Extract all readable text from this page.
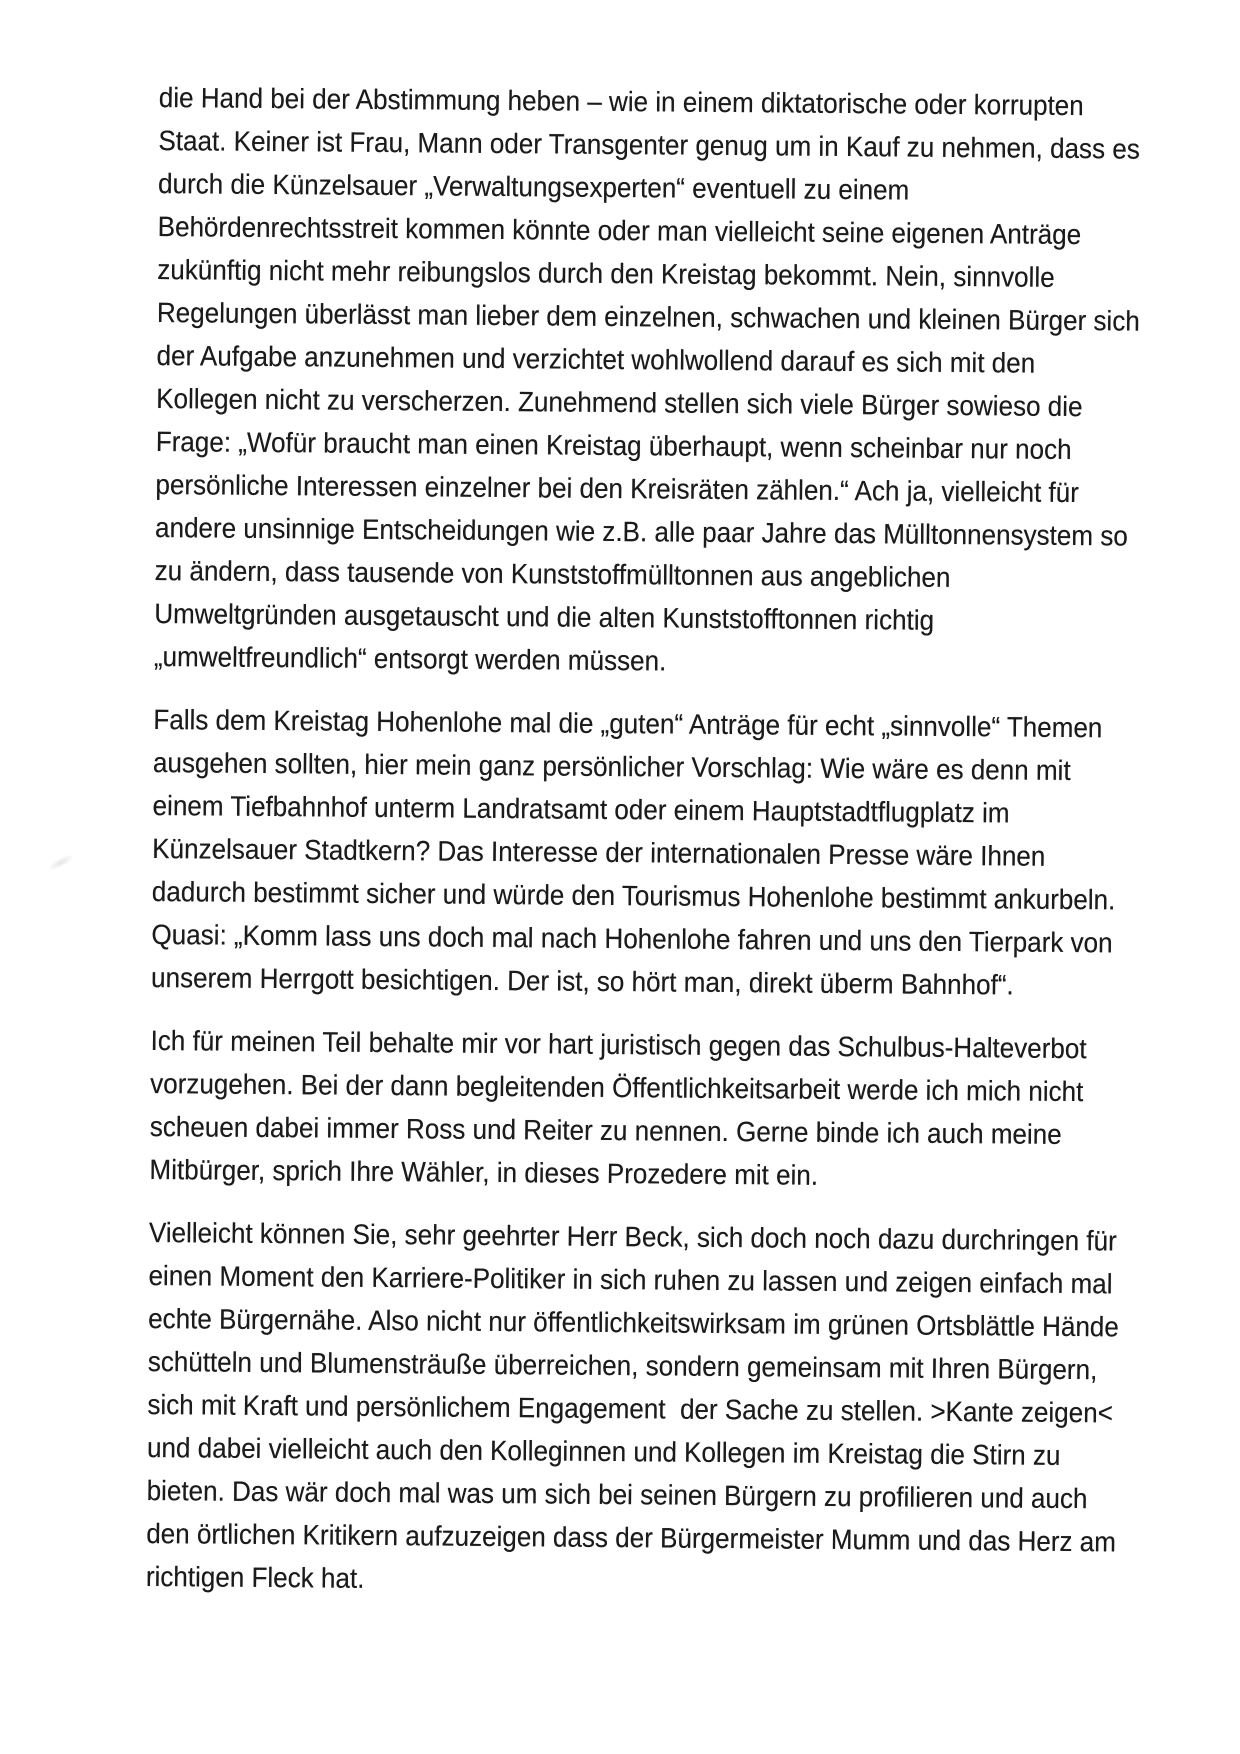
die Hand bei der Abstimmung heben – wie in einem diktatorische oder korrupten
Staat. Keiner ist Frau, Mann oder Transgenter genug um in Kauf zu nehmen, dass es
durch die Künzelsauer „Verwaltungsexperten“ eventuell zu einem
Behördenrechtsstreit kommen könnte oder man vielleicht seine eigenen Anträge
zukünftig nicht mehr reibungslos durch den Kreistag bekommt. Nein, sinnvolle
Regelungen überlässt man lieber dem einzelnen, schwachen und kleinen Bürger sich
der Aufgabe anzunehmen und verzichtet wohlwollend darauf es sich mit den
Kollegen nicht zu verscherzen. Zunehmend stellen sich viele Bürger sowieso die
Frage: „Wofür braucht man einen Kreistag überhaupt, wenn scheinbar nur noch
persönliche Interessen einzelner bei den Kreisräten zählen.“ Ach ja, vielleicht für
andere unsinnige Entscheidungen wie z.B. alle paar Jahre das Mülltonnensystem so
zu ändern, dass tausende von Kunststoffmülltonnen aus angeblichen
Umweltgründen ausgetauscht und die alten Kunststofftonnen richtig
„umweltfreundlich“ entsorgt werden müssen.
Falls dem Kreistag Hohenlohe mal die „guten“ Anträge für echt „sinnvolle“ Themen
ausgehen sollten, hier mein ganz persönlicher Vorschlag: Wie wäre es denn mit
einem Tiefbahnhof unterm Landratsamt oder einem Hauptstadtflugplatz im
Künzelsauer Stadtkern? Das Interesse der internationalen Presse wäre Ihnen
dadurch bestimmt sicher und würde den Tourismus Hohenlohe bestimmt ankurbeln.
Quasi: „Komm lass uns doch mal nach Hohenlohe fahren und uns den Tierpark von
unserem Herrgott besichtigen. Der ist, so hört man, direkt überm Bahnhof“.
Ich für meinen Teil behalte mir vor hart juristisch gegen das Schulbus-Halteverbot
vorzugehen. Bei der dann begleitenden Öffentlichkeitsarbeit werde ich mich nicht
scheuen dabei immer Ross und Reiter zu nennen. Gerne binde ich auch meine
Mitbürger, sprich Ihre Wähler, in dieses Prozedere mit ein.
Vielleicht können Sie, sehr geehrter Herr Beck, sich doch noch dazu durchringen für
einen Moment den Karriere-Politiker in sich ruhen zu lassen und zeigen einfach mal
echte Bürgernähe. Also nicht nur öffentlichkeitswirksam im grünen Ortsblättle Hände
schütteln und Blumensträuße überreichen, sondern gemeinsam mit Ihren Bürgern,
sich mit Kraft und persönlichem Engagement  der Sache zu stellen. >Kante zeigen<
und dabei vielleicht auch den Kolleginnen und Kollegen im Kreistag die Stirn zu
bieten. Das wär doch mal was um sich bei seinen Bürgern zu profilieren und auch
den örtlichen Kritikern aufzuzeigen dass der Bürgermeister Mumm und das Herz am
richtigen Fleck hat.
